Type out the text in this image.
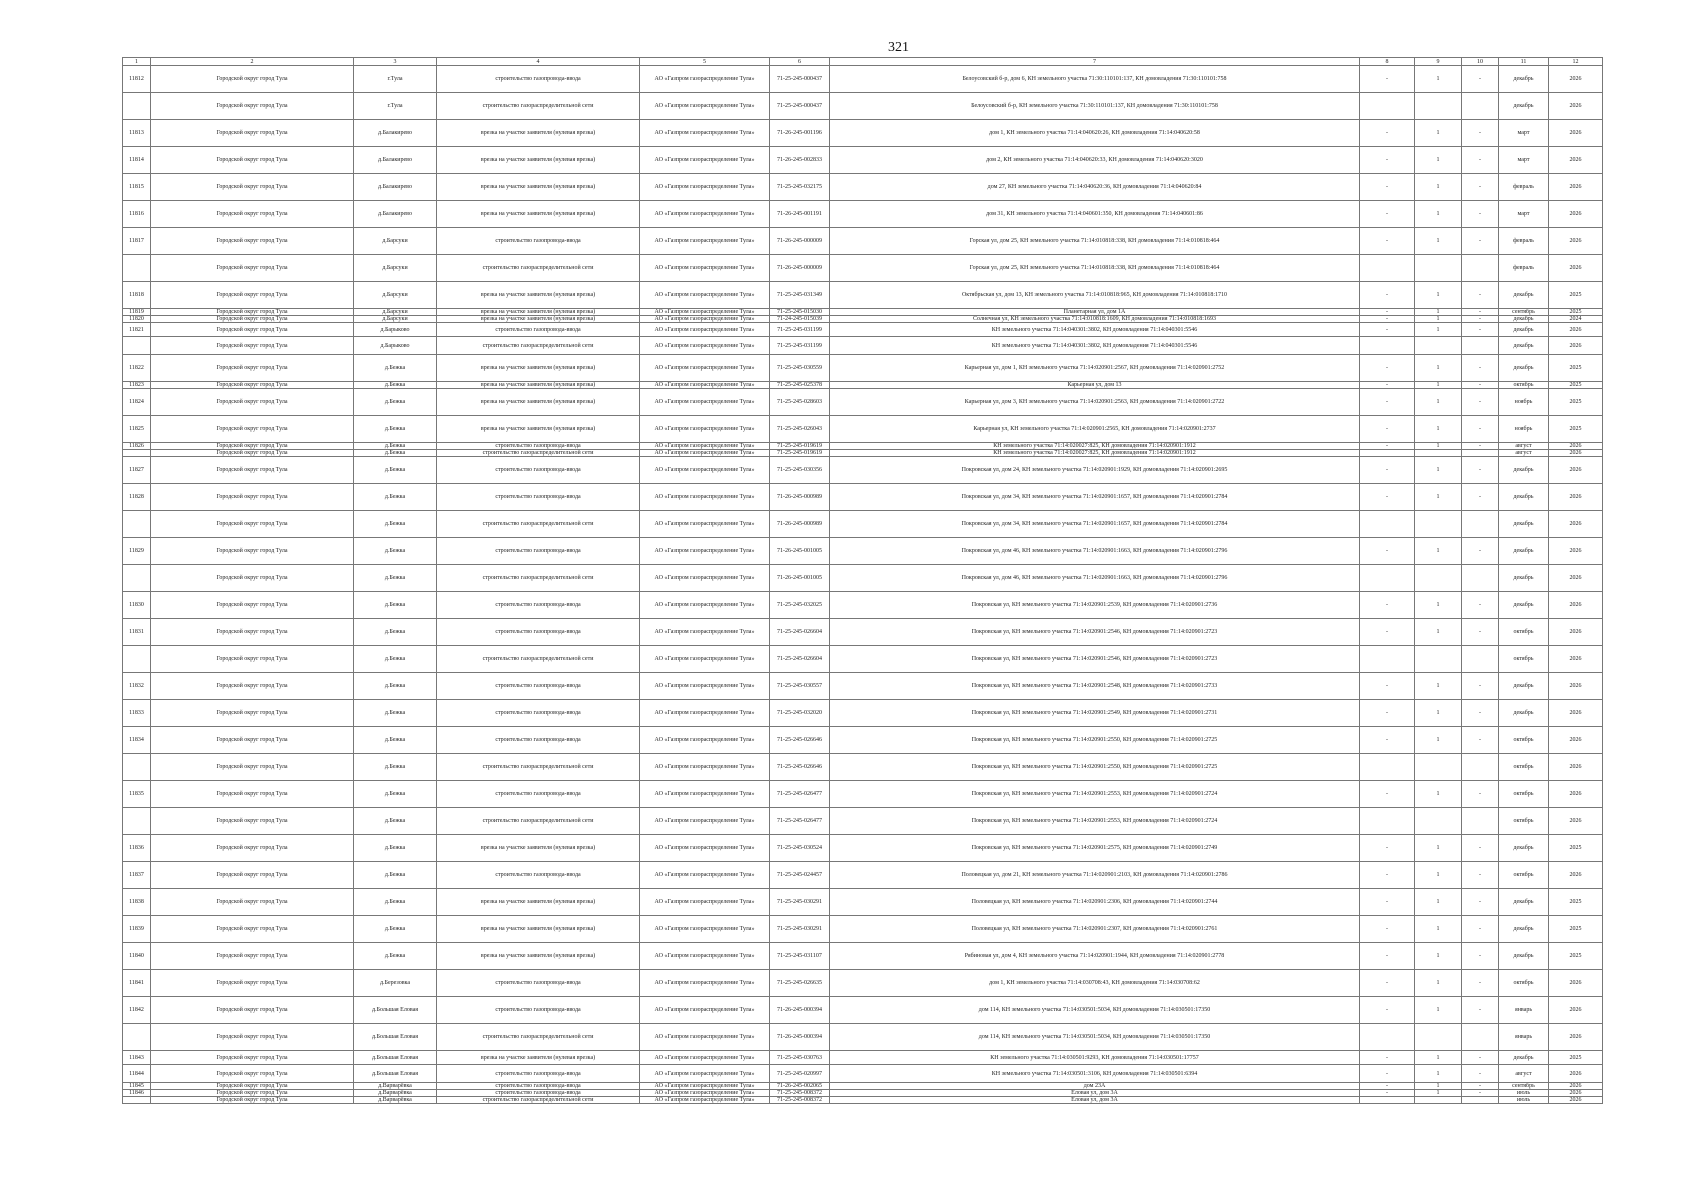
321
1	2	3	4	5	6	7	8	9	10	11	12
11812	Городской округ город Тула	г.Тула	строительство газопровода-ввода	АО «Газпром газораспределение Тула»	71-25-245-000437	Белоусовский б-р, дом 6, КН земельного участка 71:30:110101:137, КН домовладения 71:30:110101:758	-	1	-	декабрь	2026
	Городской округ город Тула	г.Тула	строительство газораспределительной сети	АО «Газпром газораспределение Тула»	71-25-245-000437	Белоусовский б-р, КН земельного участка 71:30:110101:137, КН домовладения 71:30:110101:758				декабрь	2026
11813	Городской округ город Тула	д.Балакирево	врезка на участке заявителя (нулевая врезка)	АО «Газпром газораспределение Тула»	71-26-245-001196	дом 1, КН земельного участка 71:14:040620:26, КН домовладения 71:14:040620:58	-	1	-	март	2026
11814	Городской округ город Тула	д.Балакирево	врезка на участке заявителя (нулевая врезка)	АО «Газпром газораспределение Тула»	71-26-245-002833	дом 2, КН земельного участка 71:14:040620:33, КН домовладения 71:14:040620:3020	-	1	-	март	2026
11815	Городской округ город Тула	д.Балакирево	врезка на участке заявителя (нулевая врезка)	АО «Газпром газораспределение Тула»	71-25-245-032175	дом 27, КН земельного участка 71:14:040620:36, КН домовладения 71:14:040620:84	-	1	-	февраль	2026
11816	Городской округ город Тула	д.Балакирево	врезка на участке заявителя (нулевая врезка)	АО «Газпром газораспределение Тула»	71-26-245-001191	дом 31, КН земельного участка 71:14:040601:350, КН домовладения 71:14:040601:86	-	1	-	март	2026
11817	Городской округ город Тула	д.Барсуки	строительство газопровода-ввода	АО «Газпром газораспределение Тула»	71-26-245-000009	Горская ул, дом 25, КН земельного участка 71:14:010818:338, КН домовладения 71:14:010818:464	-	1	-	февраль	2026
	Городской округ город Тула	д.Барсуки	строительство газораспределительной сети	АО «Газпром газораспределение Тула»	71-26-245-000009	Горская ул, дом 25, КН земельного участка 71:14:010818:338, КН домовладения 71:14:010818:464				февраль	2026
11818	Городской округ город Тула	д.Барсуки	врезка на участке заявителя (нулевая врезка)	АО «Газпром газораспределение Тула»	71-25-245-031349	Октябрьская ул, дом 13, КН земельного участка 71:14:010818:965, КН домовладения 71:14:010818:1710	-	1	-	декабрь	2025
11819	Городской округ город Тула	д.Барсуки	врезка на участке заявителя (нулевая врезка)	АО «Газпром газораспределение Тула»	71-25-245-015030	Планетарная ул, дом 1А	-	1	-	сентябрь	2025
11820	Городской округ город Тула	д.Барсуки	врезка на участке заявителя (нулевая врезка)	АО «Газпром газораспределение Тула»	71-24-245-015039	Солнечная ул, КН земельного участка 71:14:010818:1609, КН домовладения 71:14:010818:1693	-	1	-	декабрь	2024
11821	Городской округ город Тула	д.Барыково	строительство газопровода-ввода	АО «Газпром газораспределение Тула»	71-25-245-031199	КН земельного участка 71:14:040301:3802, КН домовладения 71:14:040301:5546	-	1	-	декабрь	2026
	Городской округ город Тула	д.Барыково	строительство газораспределительной сети	АО «Газпром газораспределение Тула»	71-25-245-031199	КН земельного участка 71:14:040301:3802, КН домовладения 71:14:040301:5546				декабрь	2026
11822	Городской округ город Тула	д.Бежка	врезка на участке заявителя (нулевая врезка)	АО «Газпром газораспределение Тула»	71-25-245-030559	Карьерная ул, дом 1, КН земельного участка 71:14:020901:2567, КН домовладения 71:14:020901:2752	-	1	-	декабрь	2025
11823	Городской округ город Тула	д.Бежка	врезка на участке заявителя (нулевая врезка)	АО «Газпром газораспределение Тула»	71-25-245-025378	Карьерная ул, дом 13	-	1	-	октябрь	2025
11824	Городской округ город Тула	д.Бежка	врезка на участке заявителя (нулевая врезка)	АО «Газпром газораспределение Тула»	71-25-245-028603	Карьерная ул, дом 3, КН земельного участка 71:14:020901:2563, КН домовладения 71:14:020901:2722	-	1	-	ноябрь	2025
11825	Городской округ город Тула	д.Бежка	врезка на участке заявителя (нулевая врезка)	АО «Газпром газораспределение Тула»	71-25-245-026043	Карьерная ул, КН земельного участка 71:14:020901:2565, КН домовладения 71:14:020901:2737	-	1	-	ноябрь	2025
11826	Городской округ город Тула	д.Бежка	строительство газопровода-ввода	АО «Газпром газораспределение Тула»	71-25-245-019619	КН земельного участка 71:14:020027:825, КН домовладения 71:14:020901:1912	-	1	-	август	2026
	Городской округ город Тула	д.Бежка	строительство газораспределительной сети	АО «Газпром газораспределение Тула»	71-25-245-019619	КН земельного участка 71:14:020027:825, КН домовладения 71:14:020901:1912				август	2026
11827	Городской округ город Тула	д.Бежка	строительство газопровода-ввода	АО «Газпром газораспределение Тула»	71-25-245-030356	Покровская ул, дом 24, КН земельного участка 71:14:020901:1929, КН домовладения 71:14:020901:2695	-	1	-	декабрь	2026
11828	Городской округ город Тула	д.Бежка	строительство газопровода-ввода	АО «Газпром газораспределение Тула»	71-26-245-000989	Покровская ул, дом 34, КН земельного участка 71:14:020901:1657, КН домовладения 71:14:020901:2784	-	1	-	декабрь	2026
	Городской округ город Тула	д.Бежка	строительство газораспределительной сети	АО «Газпром газораспределение Тула»	71-26-245-000989	Покровская ул, дом 34, КН земельного участка 71:14:020901:1657, КН домовладения 71:14:020901:2784				декабрь	2026
11829	Городской округ город Тула	д.Бежка	строительство газопровода-ввода	АО «Газпром газораспределение Тула»	71-26-245-001005	Покровская ул, дом 46, КН земельного участка 71:14:020901:1663, КН домовладения 71:14:020901:2796	-	1	-	декабрь	2026
	Городской округ город Тула	д.Бежка	строительство газораспределительной сети	АО «Газпром газораспределение Тула»	71-26-245-001005	Покровская ул, дом 46, КН земельного участка 71:14:020901:1663, КН домовладения 71:14:020901:2796				декабрь	2026
11830	Городской округ город Тула	д.Бежка	строительство газопровода-ввода	АО «Газпром газораспределение Тула»	71-25-245-032025	Покровская ул, КН земельного участка 71:14:020901:2539, КН домовладения 71:14:020901:2736	-	1	-	декабрь	2026
11831	Городской округ город Тула	д.Бежка	строительство газопровода-ввода	АО «Газпром газораспределение Тула»	71-25-245-026604	Покровская ул, КН земельного участка 71:14:020901:2546, КН домовладения 71:14:020901:2723	-	1	-	октябрь	2026
	Городской округ город Тула	д.Бежка	строительство газораспределительной сети	АО «Газпром газораспределение Тула»	71-25-245-026604	Покровская ул, КН земельного участка 71:14:020901:2546, КН домовладения 71:14:020901:2723				октябрь	2026
11832	Городской округ город Тула	д.Бежка	строительство газопровода-ввода	АО «Газпром газораспределение Тула»	71-25-245-030557	Покровская ул, КН земельного участка 71:14:020901:2548, КН домовладения 71:14:020901:2733	-	1	-	декабрь	2026
11833	Городской округ город Тула	д.Бежка	строительство газопровода-ввода	АО «Газпром газораспределение Тула»	71-25-245-032020	Покровская ул, КН земельного участка 71:14:020901:2549, КН домовладения 71:14:020901:2731	-	1	-	декабрь	2026
11834	Городской округ город Тула	д.Бежка	строительство газопровода-ввода	АО «Газпром газораспределение Тула»	71-25-245-026646	Покровская ул, КН земельного участка 71:14:020901:2550, КН домовладения 71:14:020901:2725	-	1	-	октябрь	2026
	Городской округ город Тула	д.Бежка	строительство газораспределительной сети	АО «Газпром газораспределение Тула»	71-25-245-026646	Покровская ул, КН земельного участка 71:14:020901:2550, КН домовладения 71:14:020901:2725				октябрь	2026
11835	Городской округ город Тула	д.Бежка	строительство газопровода-ввода	АО «Газпром газораспределение Тула»	71-25-245-026477	Покровская ул, КН земельного участка 71:14:020901:2553, КН домовладения 71:14:020901:2724	-	1	-	октябрь	2026
	Городской округ город Тула	д.Бежка	строительство газораспределительной сети	АО «Газпром газораспределение Тула»	71-25-245-026477	Покровская ул, КН земельного участка 71:14:020901:2553, КН домовладения 71:14:020901:2724				октябрь	2026
11836	Городской округ город Тула	д.Бежка	врезка на участке заявителя (нулевая врезка)	АО «Газпром газораспределение Тула»	71-25-245-030524	Покровская ул, КН земельного участка 71:14:020901:2575, КН домовладения 71:14:020901:2749	-	1	-	декабрь	2025
11837	Городской округ город Тула	д.Бежка	строительство газопровода-ввода	АО «Газпром газораспределение Тула»	71-25-245-024457	Половецкая ул, дом 21, КН земельного участка 71:14:020901:2103, КН домовладения 71:14:020901:2786	-	1	-	октябрь	2026
11838	Городской округ город Тула	д.Бежка	врезка на участке заявителя (нулевая врезка)	АО «Газпром газораспределение Тула»	71-25-245-030291	Половецкая ул, КН земельного участка 71:14:020901:2306, КН домовладения 71:14:020901:2744	-	1	-	декабрь	2025
11839	Городской округ город Тула	д.Бежка	врезка на участке заявителя (нулевая врезка)	АО «Газпром газораспределение Тула»	71-25-245-030291	Половецкая ул, КН земельного участка 71:14:020901:2307, КН домовладения 71:14:020901:2761	-	1	-	декабрь	2025
11840	Городской округ город Тула	д.Бежка	врезка на участке заявителя (нулевая врезка)	АО «Газпром газораспределение Тула»	71-25-245-031107	Рябиновая ул, дом 4, КН земельного участка 71:14:020901:1944, КН домовладения 71:14:020901:2778	-	1	-	декабрь	2025
11841	Городской округ город Тула	д.Березовка	строительство газопровода-ввода	АО «Газпром газораспределение Тула»	71-25-245-026635	дом 1, КН земельного участка 71:14:030708:43, КН домовладения 71:14:030708:62	-	1	-	октябрь	2026
11842	Городской округ город Тула	д.Большая Еловая	строительство газопровода-ввода	АО «Газпром газораспределение Тула»	71-26-245-000394	дом 114, КН земельного участка 71:14:030501:5034, КН домовладения 71:14:030501:17350	-	1	-	январь	2026
	Городской округ город Тула	д.Большая Еловая	строительство газораспределительной сети	АО «Газпром газораспределение Тула»	71-26-245-000394	дом 114, КН земельного участка 71:14:030501:5034, КН домовладения 71:14:030501:17350				январь	2026
11843	Городской округ город Тула	д.Большая Еловая	врезка на участке заявителя (нулевая врезка)	АО «Газпром газораспределение Тула»	71-25-245-030763	КН земельного участка 71:14:030501:9293, КН домовладения 71:14:030501:17757	-	1	-	декабрь	2025
11844	Городской округ город Тула	д.Большая Еловая	строительство газопровода-ввода	АО «Газпром газораспределение Тула»	71-25-245-020997	КН земельного участка 71:14:030501:3106, КН домовладения 71:14:030501:6394	-	1	-	август	2026
11845	Городской округ город Тула	д.Варварёвка	строительство газопровода-ввода	АО «Газпром газораспределение Тула»	71-26-245-002065	дом 23А	-	1	-	сентябрь	2026
11846	Городской округ город Тула	д.Варварёвка	строительство газопровода-ввода	АО «Газпром газораспределение Тула»	71-25-245-008372	Еловая ул, дом 3А	-	1	-	июль	2026
	Городской округ город Тула	д.Варварёвка	строительство газораспределительной сети	АО «Газпром газораспределение Тула»	71-25-245-008372	Еловая ул, дом 3А				июль	2026
